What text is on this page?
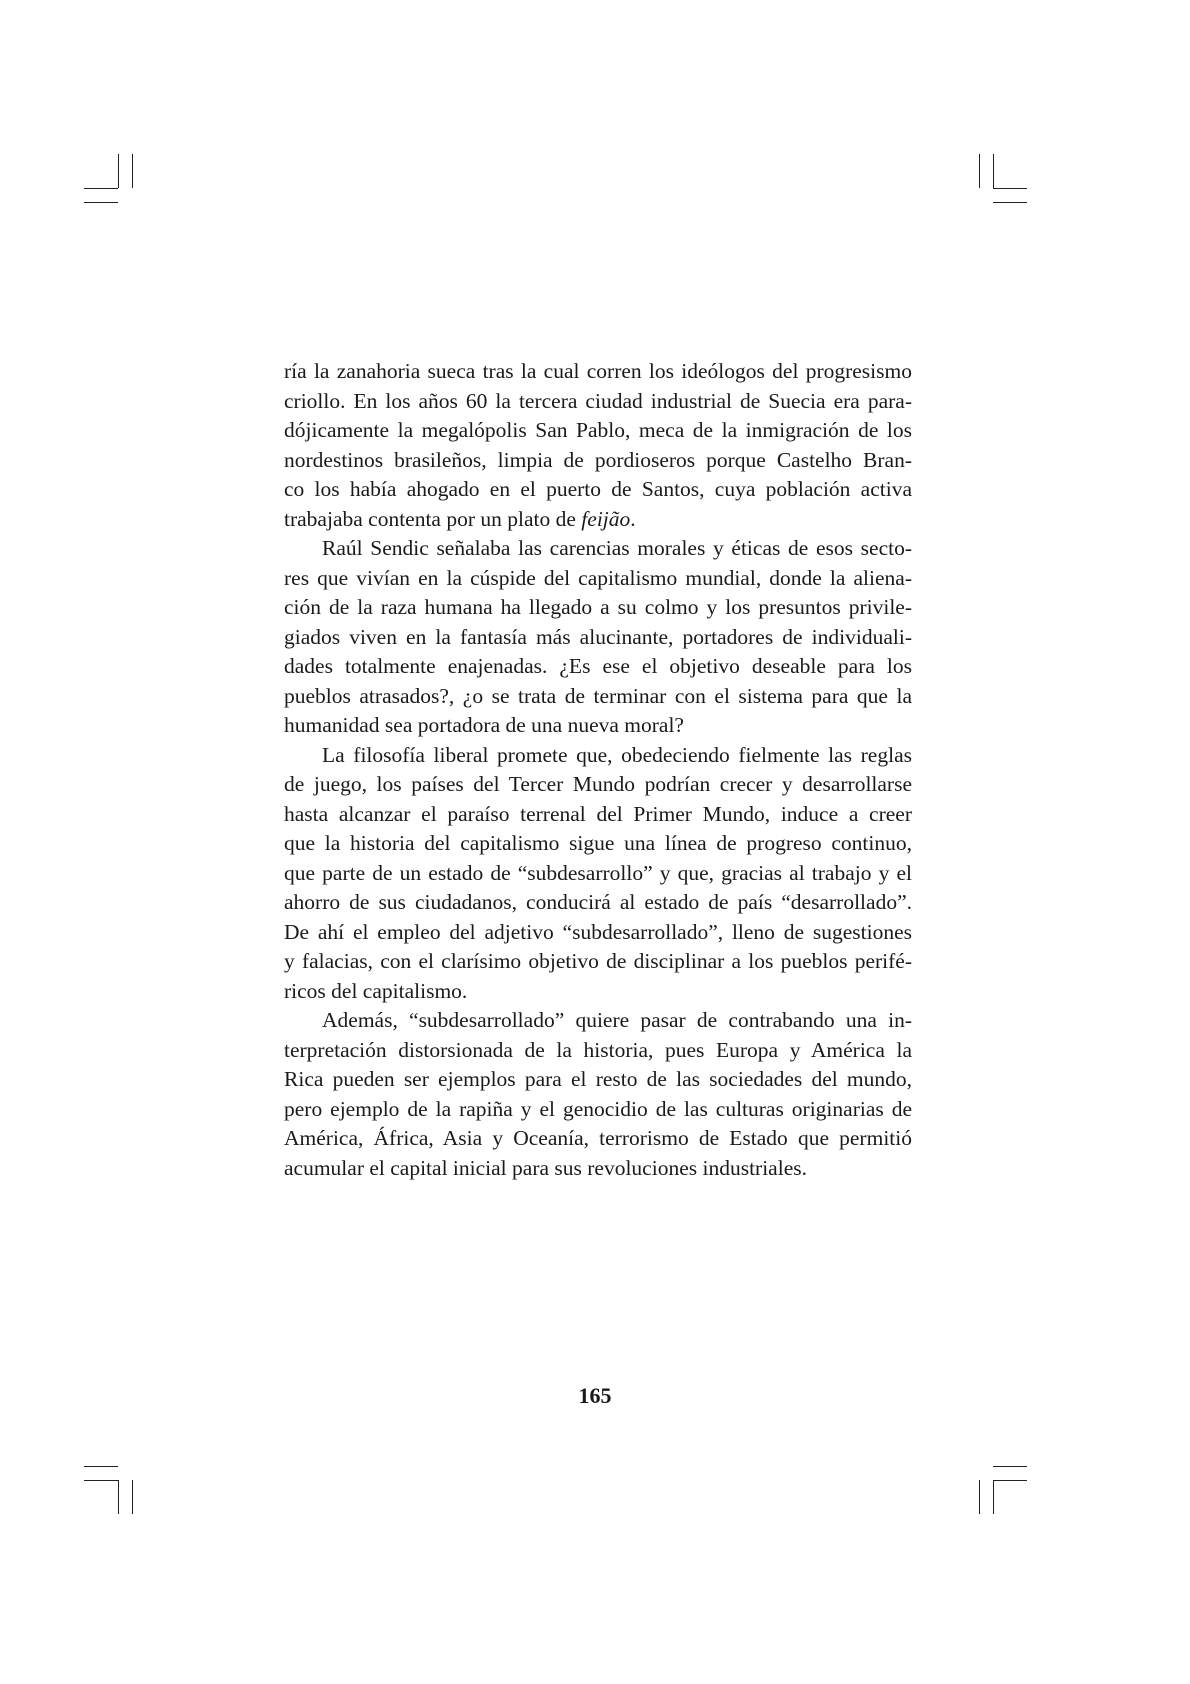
ría la zanahoria sueca tras la cual corren los ideólogos del progresismo
criollo. En los años 60 la tercera ciudad industrial de Suecia era para-
dójicamente la megalópolis San Pablo, meca de la inmigración de los
nordestinos brasileños, limpia de pordioseros porque Castelho Bran-
co los había ahogado en el puerto de Santos, cuya población activa
trabajaba contenta por un plato de feijão.
Raúl Sendic señalaba las carencias morales y éticas de esos secto-
res que vivían en la cúspide del capitalismo mundial, donde la aliena-
ción de la raza humana ha llegado a su colmo y los presuntos privile-
giados viven en la fantasía más alucinante, portadores de individuali-
dades totalmente enajenadas. ¿Es ese el objetivo deseable para los
pueblos atrasados?, ¿o se trata de terminar con el sistema para que la
humanidad sea portadora de una nueva moral?
La filosofía liberal promete que, obedeciendo fielmente las reglas
de juego, los países del Tercer Mundo podrían crecer y desarrollarse
hasta alcanzar el paraíso terrenal del Primer Mundo, induce a creer
que la historia del capitalismo sigue una línea de progreso continuo,
que parte de un estado de “subdesarrollo” y que, gracias al trabajo y el
ahorro de sus ciudadanos, conducirá al estado de país “desarrollado”.
De ahí el empleo del adjetivo “subdesarrollado”, lleno de sugestiones
y falacias, con el clarísimo objetivo de disciplinar a los pueblos perifé-
ricos del capitalismo.
Además, “subdesarrollado” quiere pasar de contrabando una in-
terpretación distorsionada de la historia, pues Europa y América la
Rica pueden ser ejemplos para el resto de las sociedades del mundo,
pero ejemplo de la rapiña y el genocidio de las culturas originarias de
América, África, Asia y Oceanía, terrorismo de Estado que permitió
acumular el capital inicial para sus revoluciones industriales.
165
